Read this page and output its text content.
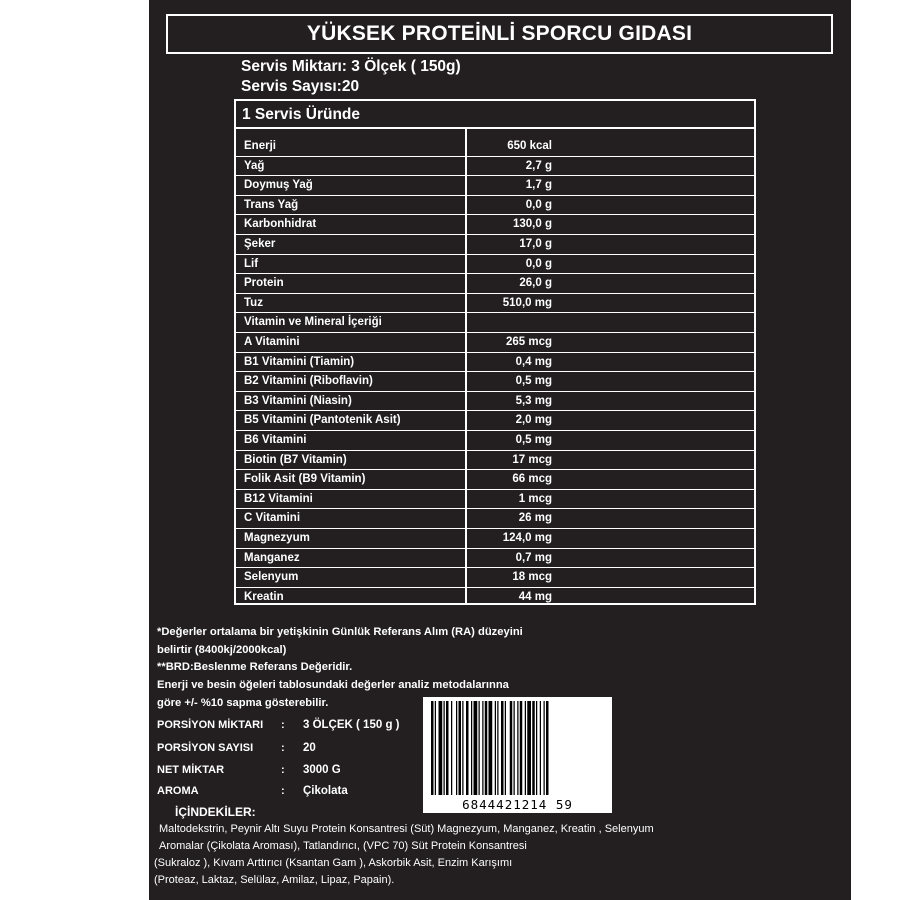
YÜKSEK PROTEİNLİ SPORCU GIDASI
Servis Miktarı: 3 Ölçek ( 150g)
Servis Sayısı:20
1 Servis Üründe
Enerji	650 kcal
Yağ	2,7 g
Doymuş Yağ	1,7 g
Trans Yağ	0,0 g
Karbonhidrat	130,0 g
Şeker	17,0 g
Lif	0,0 g
Protein	26,0 g
Tuz	510,0 mg
Vitamin ve Mineral İçeriği
A Vitamini	265 mcg
B1 Vitamini (Tiamin)	0,4 mg
B2 Vitamini (Riboflavin)	0,5 mg
B3 Vitamini (Niasin)	5,3 mg
B5 Vitamini (Pantotenik Asit)	2,0 mg
B6 Vitamini	0,5 mg
Biotin (B7 Vitamin)	17 mcg
Folik Asit (B9 Vitamin)	66 mcg
B12 Vitamini	1 mcg
C Vitamini	26 mg
Magnezyum	124,0 mg
Manganez	0,7 mg
Selenyum	18 mcg
Kreatin	44 mg
*Değerler ortalama bir yetişkinin Günlük Referans Alım (RA) düzeyini
belirtir (8400kj/2000kcal)
**BRD:Beslenme Referans Değeridir.
Enerji ve besin öğeleri tablosundaki değerler analiz metodalarınna
göre +/- %10 sapma gösterebilir.
PORSİYON MİKTARI : 3 ÖLÇEK ( 150 g )
PORSİYON SAYISI	: 20
NET MİKTAR	: 3000 G
AROMA	: Çikolata
6844421214 59
İÇİNDEKİLER:
Maltodekstrin, Peynir Altı Suyu Protein Konsantresi (Süt) Magnezyum, Manganez, Kreatin , Selenyum
Aromalar (Çikolata Aroması), Tatlandırıcı, (VPC 70) Süt Protein Konsantresi
(Sukraloz ), Kıvam Arttırıcı (Ksantan Gam ), Askorbik Asit, Enzim Karışımı
(Proteaz, Laktaz, Selülaz, Amilaz, Lipaz, Papain).
